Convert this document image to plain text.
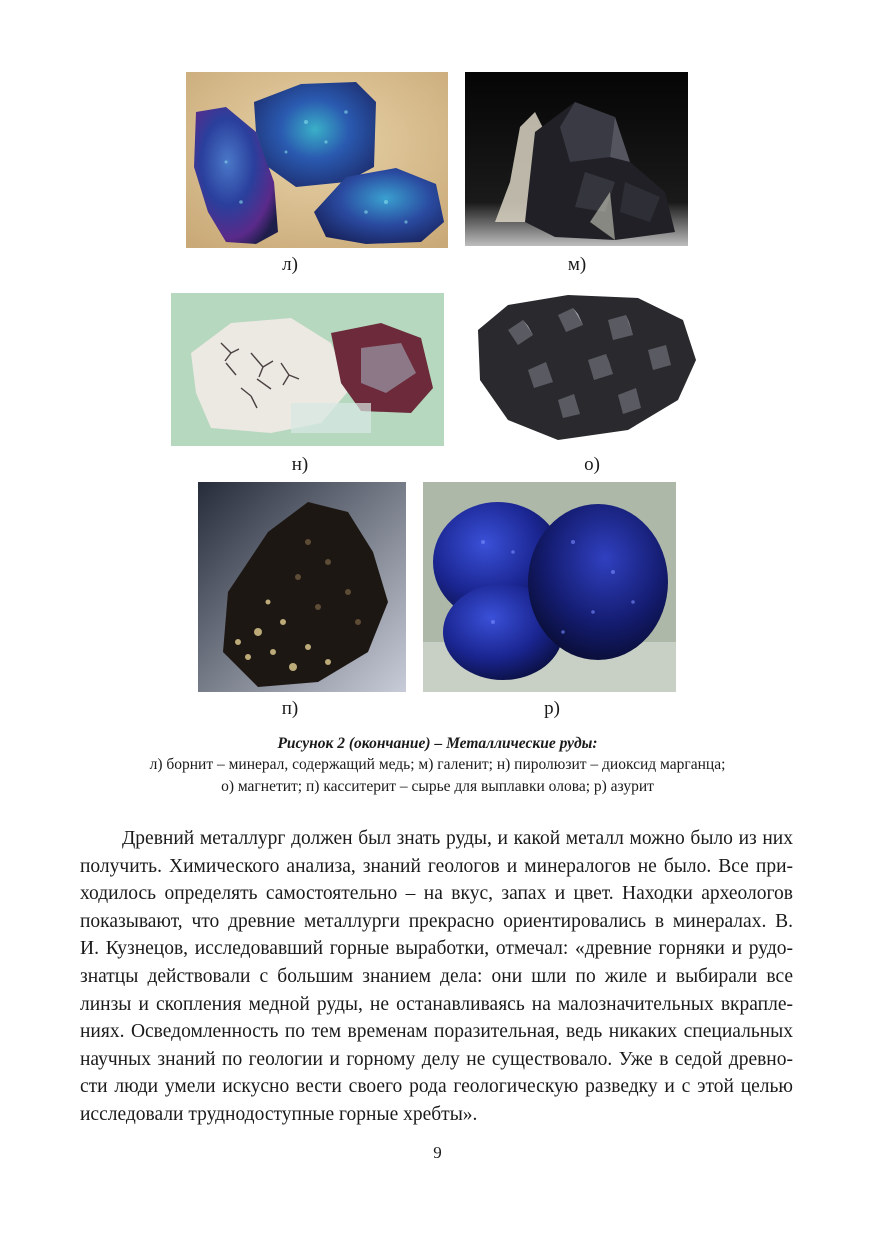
л)	м)
н)	о)
п)	р)
Рисунок 2 (окончание) – Металлические руды:
л) борнит – минерал, содержащий медь; м) галенит; н) пиролюзит – диоксид марганца;
о) магнетит; п) касситерит – сырье для выплавки олова; р) азурит
Древний металлург должен был знать руды, и какой металл можно было из них
получить. Химического анализа, знаний геологов и минералогов не было. Все при-
ходилось определять самостоятельно – на вкус, запах и цвет. Находки археологов
показывают, что древние металлурги прекрасно ориентировались в минералах. В.
И. Кузнецов, исследовавший горные выработки, отмечал: «древние горняки и рудо-
знатцы действовали с большим знанием дела: они шли по жиле и выбирали все
линзы и скопления медной руды, не останавливаясь на малозначительных вкрапле-
ниях. Осведомленность по тем временам поразительная, ведь никаких специальных
научных знаний по геологии и горному делу не существовало. Уже в седой древно-
сти люди умели искусно вести своего рода геологическую разведку и с этой целью
исследовали труднодоступные горные хребты».
9
